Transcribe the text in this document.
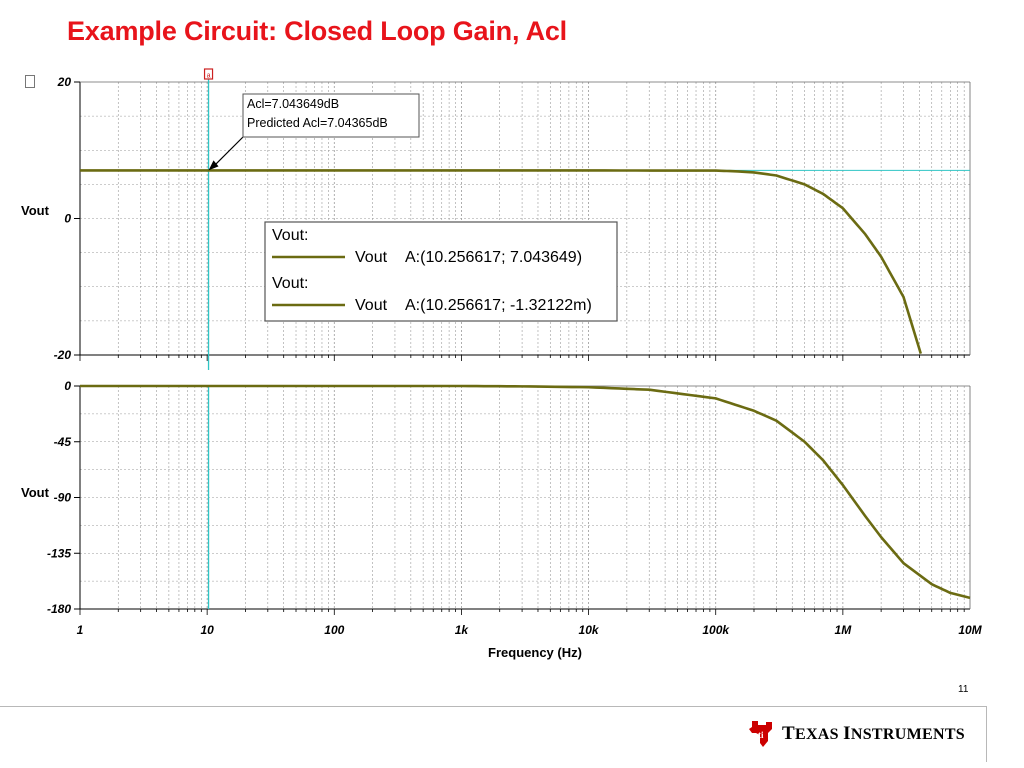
Example Circuit: Closed Loop Gain, Acl
20
0
-20
0
-45
-90
-135
-180
1	10	100	1k	10k	100k	1M	10M
a
Vout
Vout
Frequency (Hz)
Acl=7.043649dB
Predicted Acl=7.04365dB
Vout:
Vout A:(10.256617; 7.043649)
Vout:
Vout A:(10.256617; -1.32122m)
11
ti TEXAS INSTRUMENTS
